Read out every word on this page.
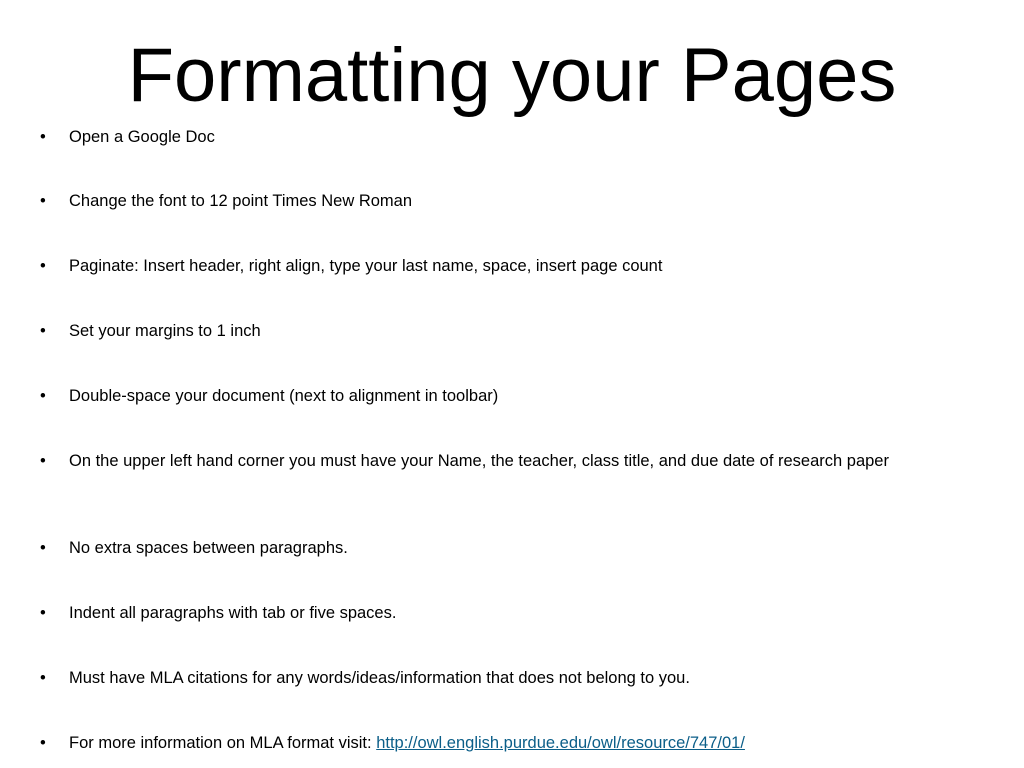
Formatting your Pages
•	Open a Google Doc
•	Change the font to 12 point Times New Roman
•	Paginate: Insert header, right align, type your last name, space, insert page count
•	Set your margins to 1 inch
•	Double-space your document (next to alignment in toolbar)
•	On the upper left hand corner you must have your Name, the teacher, class title, and due date of research paper
•	No extra spaces between paragraphs.
•	Indent all paragraphs with tab or five spaces.
•	Must have MLA citations for any words/ideas/information that does not belong to you.
•	For more information on MLA format visit: http://owl.english.purdue.edu/owl/resource/747/01/
